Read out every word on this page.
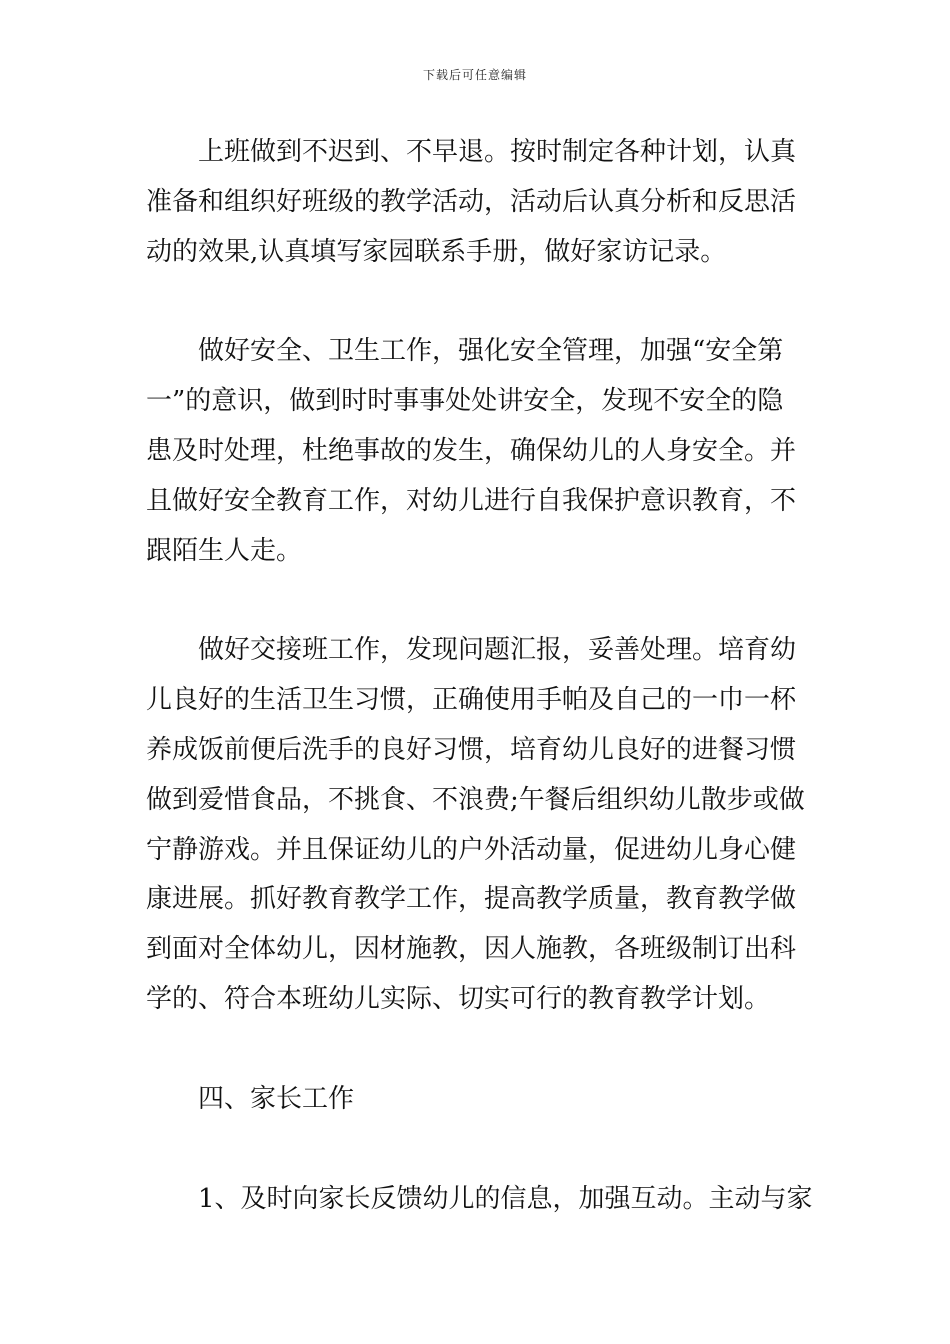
下载后可任意编辑
上班做到不迟到、不早退。按时制定各种计划，认真
准备和组织好班级的教学活动，活动后认真分析和反思活
动的效果,认真填写家园联系手册，做好家访记录。
做好安全、卫生工作，强化安全管理，加强“安全第
一”的意识，做到时时事事处处讲安全，发现不安全的隐
患及时处理，杜绝事故的发生，确保幼儿的人身安全。并
且做好安全教育工作，对幼儿进行自我保护意识教育，不
跟陌生人走。
做好交接班工作，发现问题汇报，妥善处理。培育幼
儿良好的生活卫生习惯，正确使用手帕及自己的一巾一杯
养成饭前便后洗手的良好习惯，培育幼儿良好的进餐习惯
做到爱惜食品，不挑食、不浪费;午餐后组织幼儿散步或做
宁静游戏。并且保证幼儿的户外活动量，促进幼儿身心健
康进展。抓好教育教学工作，提高教学质量，教育教学做
到面对全体幼儿，因材施教，因人施教，各班级制订出科
学的、符合本班幼儿实际、切实可行的教育教学计划。
四、家长工作
1、及时向家长反馈幼儿的信息，加强互动。主动与家
